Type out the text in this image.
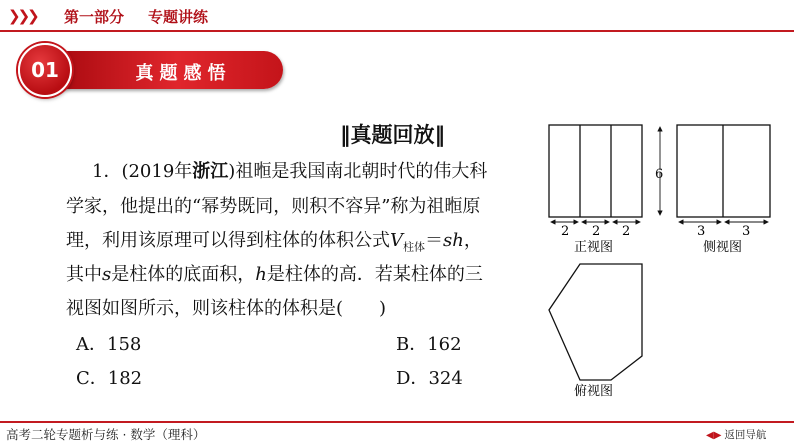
❯❯❯ 第一部分 专题讲练
01	真题感悟
‖真题回放‖
1．(2019年浙江)祖暅是我国南北朝时代的伟大科
学家，他提出的“幂势既同，则积不容异”称为祖暅原
理，利用该原理可以得到柱体的体积公式$V_{柱体}=sh$，
其中s是柱体的底面积，h是柱体的高．若某柱体的三
视图如图所示，则该柱体的体积是(　　)
A．158	B．162
C．182	D．324
2 2 2
正视图
6
3	3
侧视图
俯视图
高考二轮专题析与练 · 数学（理科）	◀▶ 返回导航
